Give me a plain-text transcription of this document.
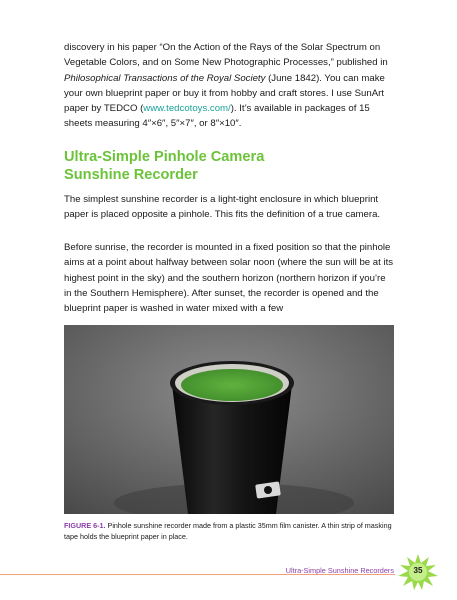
discovery in his paper “On the Action of the Rays of the Solar Spectrum on Vegetable Colors, and on Some New Photographic Processes,” published in Philosophical Transactions of the Royal Society (June 1842). You can make your own blueprint paper or buy it from hobby and craft stores. I use SunArt paper by TEDCO (www.tedcotoys.com/). It’s available in packages of 15 sheets measuring 4″×6″, 5″×7″, or 8″×10″.

Ultra-Simple Pinhole Camera
Sunshine Recorder

The simplest sunshine recorder is a light-tight enclosure in which blueprint paper is placed opposite a pinhole. This fits the definition of a true camera.

Before sunrise, the recorder is mounted in a fixed position so that the pinhole aims at a point about halfway between solar noon (where the sun will be at its highest point in the sky) and the southern horizon (northern horizon if you’re in the Southern Hemisphere). After sunset, the recorder is opened and the blueprint paper is washed in water mixed with a few

FIGURE 6-1. Pinhole sunshine recorder made from a plastic 35mm film canister. A thin strip of masking tape holds the blueprint paper in place.

Ultra-Simple Sunshine Recorders	35
